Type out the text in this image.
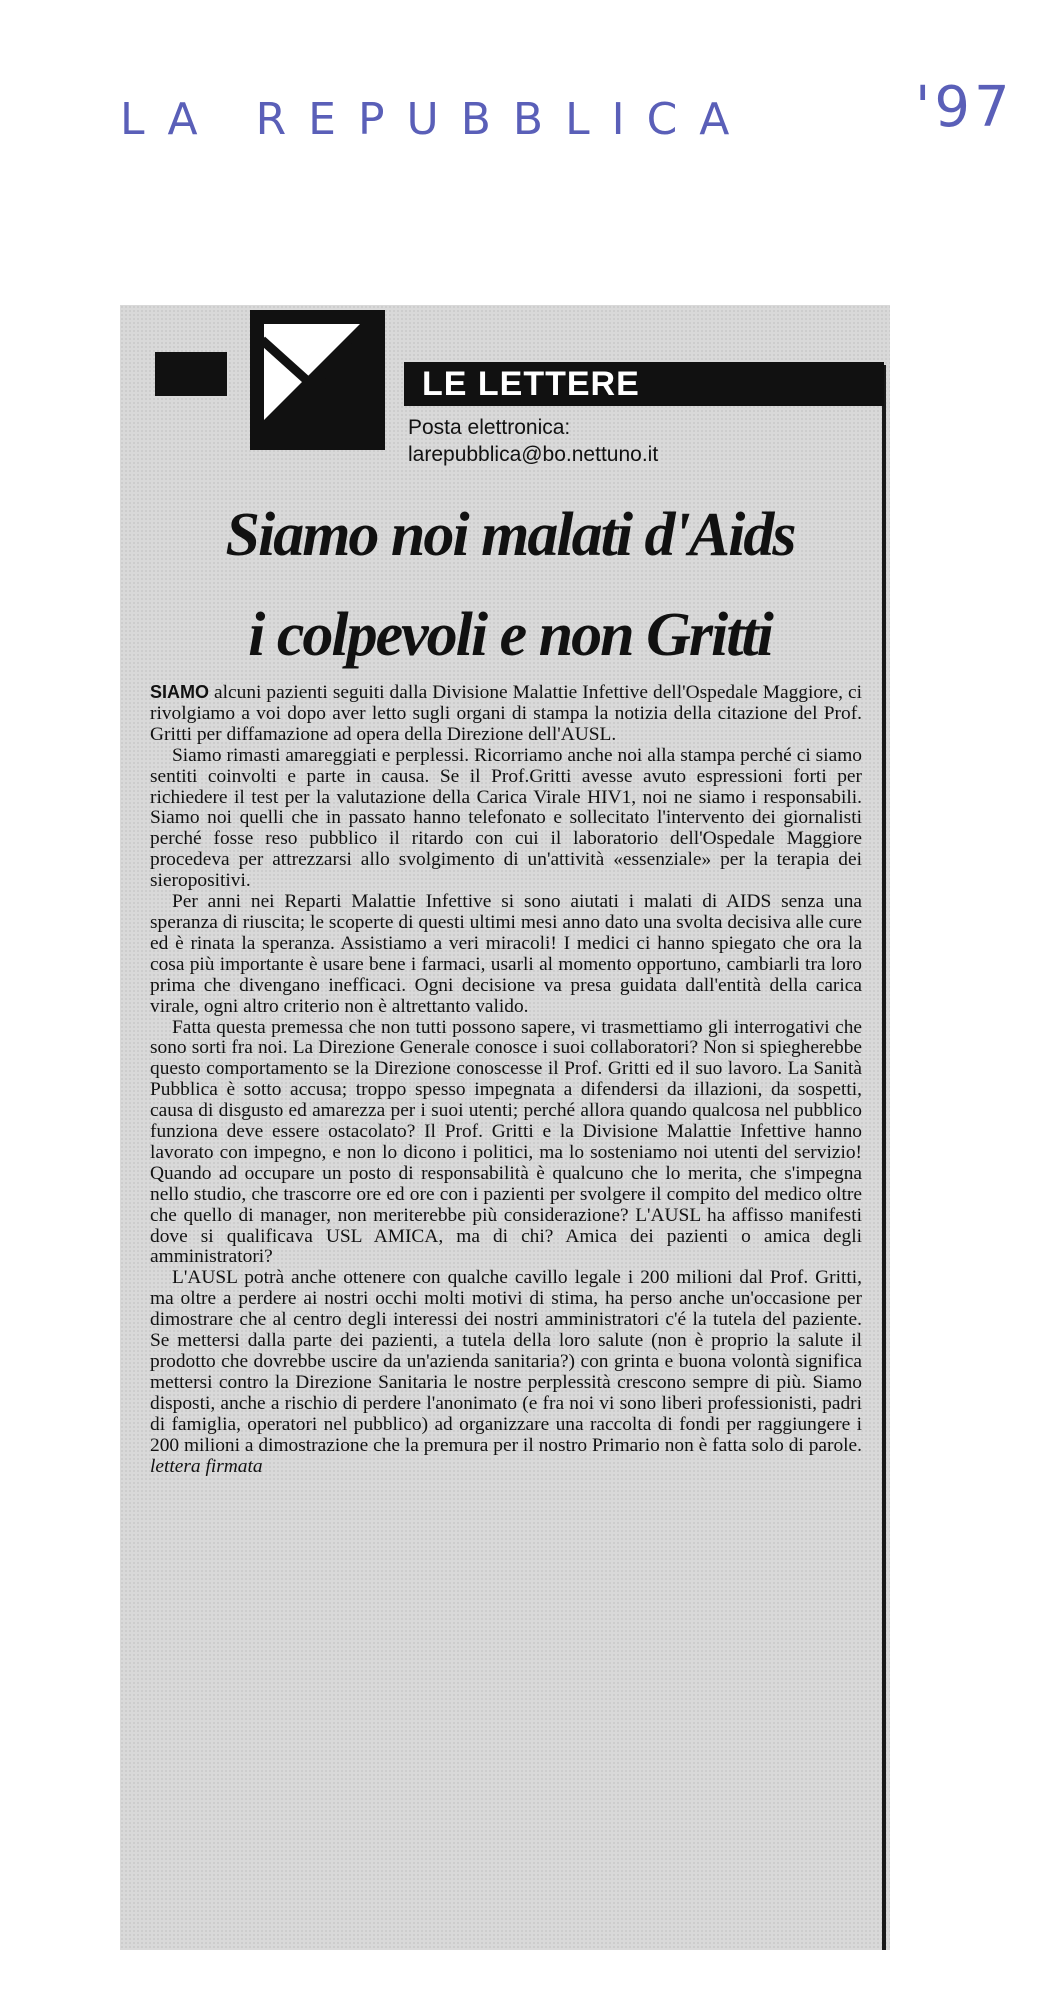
LA REPUBBLICA	'97
LE LETTERE
Posta elettronica:
larepubblica@bo.nettuno.it
Siamo noi malati d'Aids
i colpevoli e non Gritti

SIAMO alcuni pazienti seguiti dalla Divisione Malattie Infettive dell'Ospedale Maggiore, ci rivolgiamo a voi dopo aver letto sugli organi di stampa la notizia della citazione del Prof. Gritti per diffamazione ad opera della Direzione dell'AUSL.

Siamo rimasti amareggiati e perplessi. Ricorriamo anche noi alla stampa perché ci siamo sentiti coinvolti e parte in causa. Se il Prof.Gritti avesse avuto espressioni forti per richiedere il test per la valutazione della Carica Virale HIV1, noi ne siamo i responsabili. Siamo noi quelli che in passato hanno telefonato e sollecitato l'intervento dei giornalisti perché fosse reso pubblico il ritardo con cui il laboratorio dell'Ospedale Maggiore procedeva per attrezzarsi allo svolgimento di un'attività «essenziale» per la terapia dei sieropositivi.

Per anni nei Reparti Malattie Infettive si sono aiutati i malati di AIDS senza una speranza di riuscita; le scoperte di questi ultimi mesi anno dato una svolta decisiva alle cure ed è rinata la speranza. Assistiamo a veri miracoli! I medici ci hanno spiegato che ora la cosa più importante è usare bene i farmaci, usarli al momento opportuno, cambiarli tra loro prima che divengano inefficaci. Ogni decisione va presa guidata dall'entità della carica virale, ogni altro criterio non è altrettanto valido.

Fatta questa premessa che non tutti possono sapere, vi trasmettiamo gli interrogativi che sono sorti fra noi. La Direzione Generale conosce i suoi collaboratori? Non si spiegherebbe questo comportamento se la Direzione conoscesse il Prof. Gritti ed il suo lavoro. La Sanità Pubblica è sotto accusa; troppo spesso impegnata a difendersi da illazioni, da sospetti, causa di disgusto ed amarezza per i suoi utenti; perché allora quando qualcosa nel pubblico funziona deve essere ostacolato? Il Prof. Gritti e la Divisione Malattie Infettive hanno lavorato con impegno, e non lo dicono i politici, ma lo sosteniamo noi utenti del servizio! Quando ad occupare un posto di responsabilità è qualcuno che lo merita, che s'impegna nello studio, che trascorre ore ed ore con i pazienti per svolgere il compito del medico oltre che quello di manager, non meriterebbe più considerazione? L'AUSL ha affisso manifesti dove si qualificava USL AMICA, ma di chi? Amica dei pazienti o amica degli amministratori?

L'AUSL potrà anche ottenere con qualche cavillo legale i 200 milioni dal Prof. Gritti, ma oltre a perdere ai nostri occhi molti motivi di stima, ha perso anche un'occasione per dimostrare che al centro degli interessi dei nostri amministratori c'é la tutela del paziente. Se mettersi dalla parte dei pazienti, a tutela della loro salute (non è proprio la salute il prodotto che dovrebbe uscire da un'azienda sanitaria?) con grinta e buona volontà significa mettersi contro la Direzione Sanitaria le nostre perplessità crescono sempre di più. Siamo disposti, anche a rischio di perdere l'anonimato (e fra noi vi sono liberi professionisti, padri di famiglia, operatori nel pubblico) ad organizzare una raccolta di fondi per raggiungere i 200 milioni a dimostrazione che la premura per il nostro Primario non è fatta solo di parole. lettera firmata
